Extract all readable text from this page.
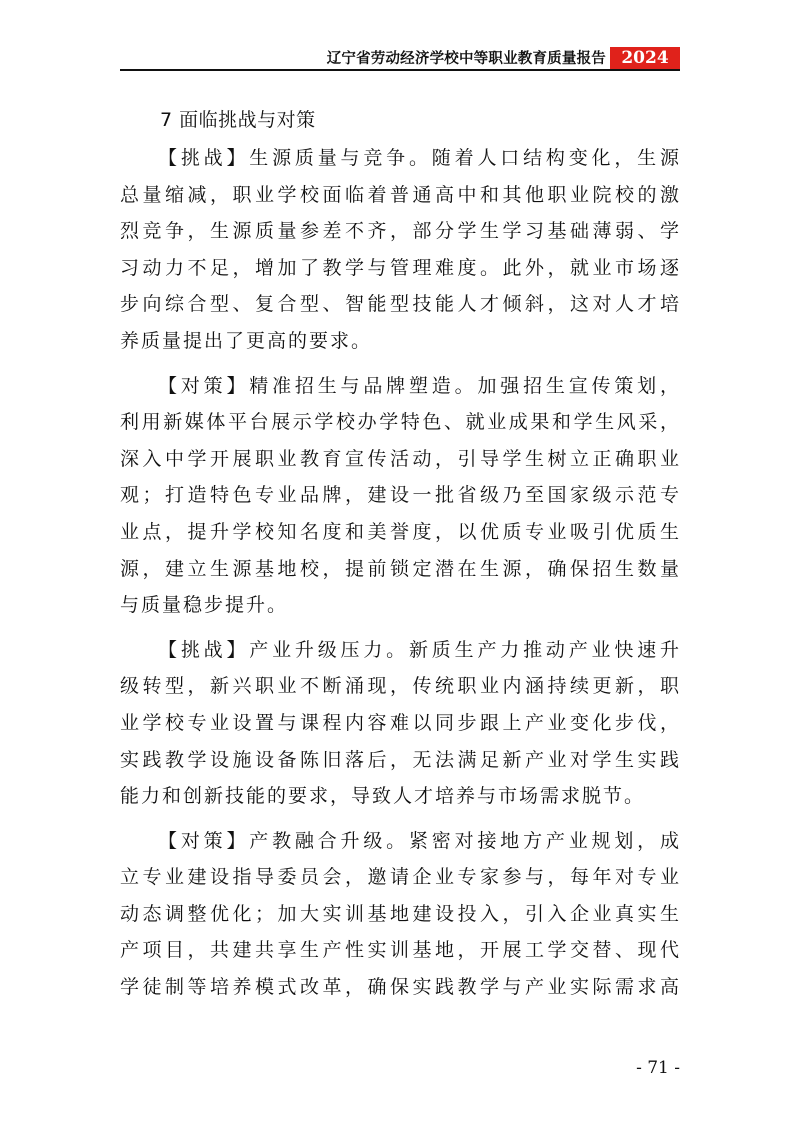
辽宁省劳动经济学校中等职业教育质量报告 2024
7 面临挑战与对策

【挑战】生源质量与竞争。随着人口结构变化，生源
总量缩减，职业学校面临着普通高中和其他职业院校的激
烈竞争，生源质量参差不齐，部分学生学习基础薄弱、学
习动力不足，增加了教学与管理难度。此外，就业市场逐
步向综合型、复合型、智能型技能人才倾斜，这对人才培
养质量提出了更高的要求。

【对策】精准招生与品牌塑造。加强招生宣传策划，
利用新媒体平台展示学校办学特色、就业成果和学生风采，
深入中学开展职业教育宣传活动，引导学生树立正确职业
观；打造特色专业品牌，建设一批省级乃至国家级示范专
业点，提升学校知名度和美誉度，以优质专业吸引优质生
源，建立生源基地校，提前锁定潜在生源，确保招生数量
与质量稳步提升。

【挑战】产业升级压力。新质生产力推动产业快速升
级转型，新兴职业不断涌现，传统职业内涵持续更新，职
业学校专业设置与课程内容难以同步跟上产业变化步伐，
实践教学设施设备陈旧落后，无法满足新产业对学生实践
能力和创新技能的要求，导致人才培养与市场需求脱节。

【对策】产教融合升级。紧密对接地方产业规划，成
立专业建设指导委员会，邀请企业专家参与，每年对专业
动态调整优化；加大实训基地建设投入，引入企业真实生
产项目，共建共享生产性实训基地，开展工学交替、现代
学徒制等培养模式改革，确保实践教学与产业实际需求高

- 71 -
